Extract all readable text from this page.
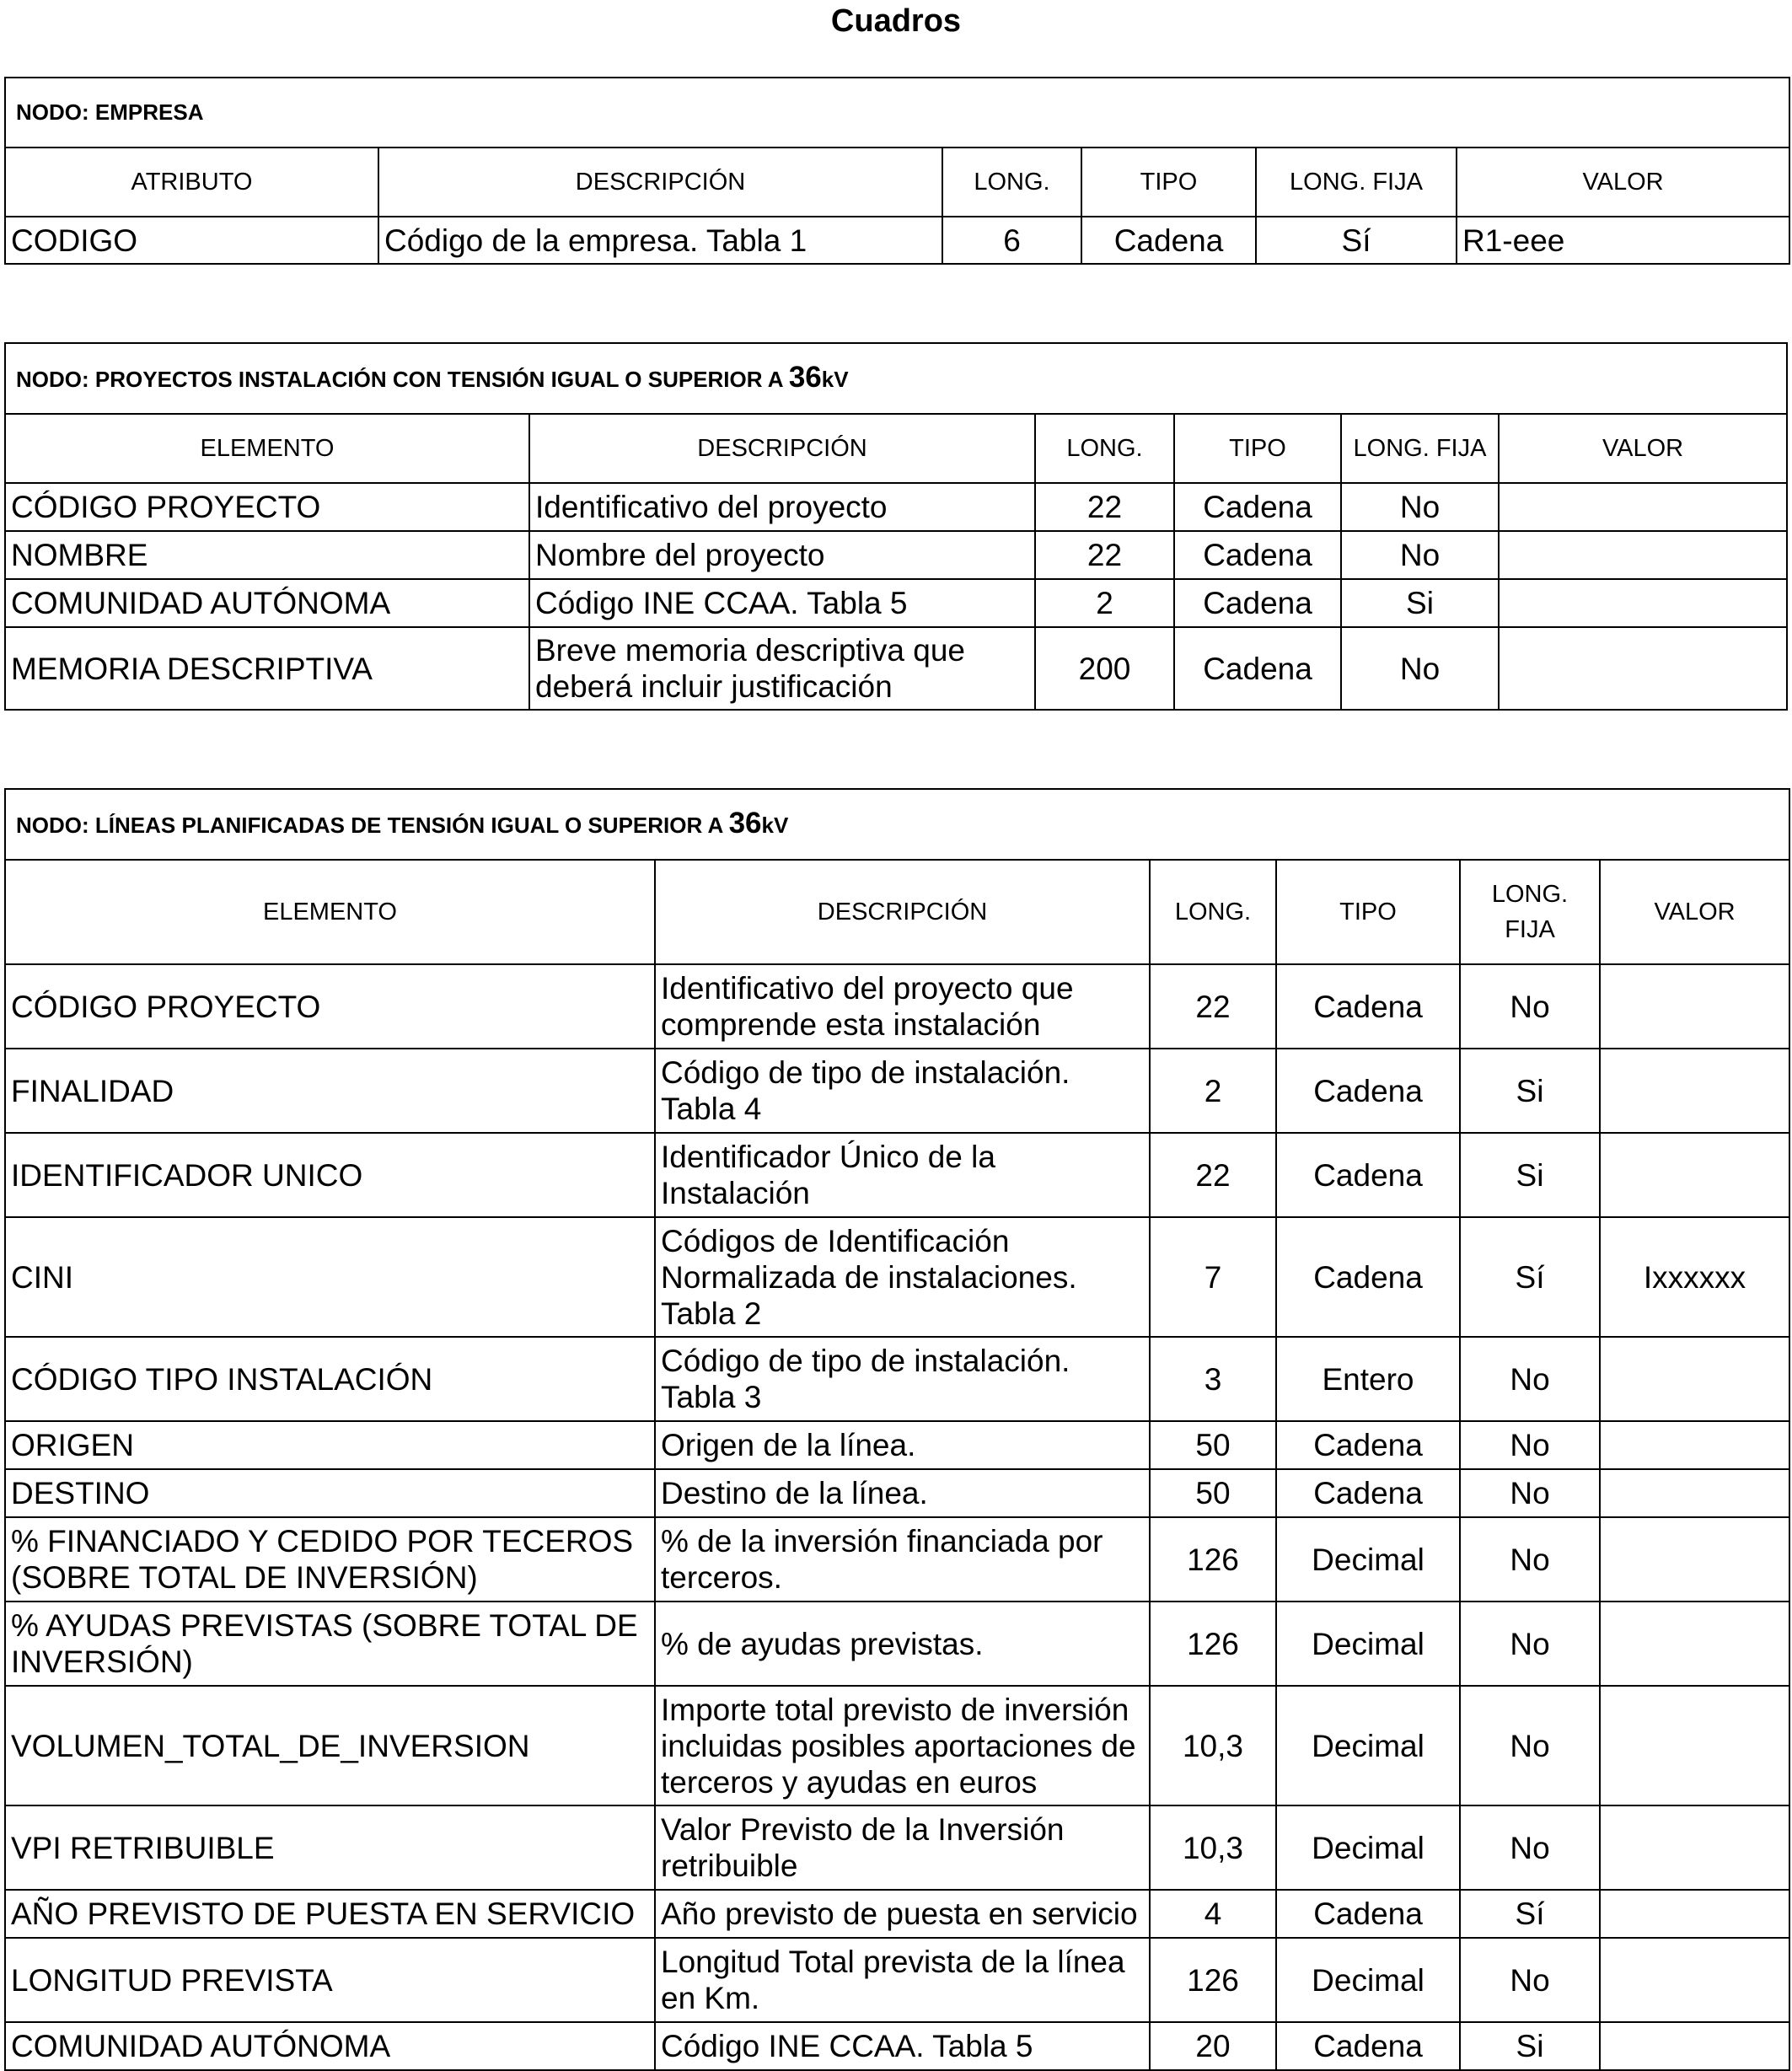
Cuadros
NODO: EMPRESA					
ATRIBUTO	DESCRIPCIÓN	LONG.	TIPO	LONG. FIJA	VALOR
CODIGO	Código de la empresa. Tabla 1	6	Cadena	Sí	R1-eee
NODO: PROYECTOS INSTALACIÓN CON TENSIÓN IGUAL O SUPERIOR A 36kV					
ELEMENTO	DESCRIPCIÓN	LONG.	TIPO	LONG. FIJA	VALOR
CÓDIGO PROYECTO	Identificativo del proyecto	22	Cadena	No	
NOMBRE	Nombre del proyecto	22	Cadena	No	
COMUNIDAD AUTÓNOMA	Código INE CCAA. Tabla 5	2	Cadena	Si	
MEMORIA DESCRIPTIVA	Breve memoria descriptiva que deberá incluir justificación	200	Cadena	No	
NODO: LÍNEAS PLANIFICADAS DE TENSIÓN IGUAL O SUPERIOR A 36kV					
ELEMENTO	DESCRIPCIÓN	LONG.	TIPO	LONG. FIJA	VALOR
CÓDIGO PROYECTO	Identificativo del proyecto que comprende esta instalación	22	Cadena	No	
FINALIDAD	Código de tipo de instalación. Tabla 4	2	Cadena	Si	
IDENTIFICADOR UNICO	Identificador Único de la Instalación	22	Cadena	Si	
CINI	Códigos de Identificación Normalizada de instalaciones. Tabla 2	7	Cadena	Sí	Ixxxxxx
CÓDIGO TIPO INSTALACIÓN	Código de tipo de instalación. Tabla 3	3	Entero	No	
ORIGEN	Origen de la línea.	50	Cadena	No	
DESTINO	Destino de la línea.	50	Cadena	No	
% FINANCIADO Y CEDIDO POR TECEROS (SOBRE TOTAL DE INVERSIÓN)	% de la inversión financiada por terceros.	126	Decimal	No	
% AYUDAS PREVISTAS (SOBRE TOTAL DE INVERSIÓN)	% de ayudas previstas.	126	Decimal	No	
VOLUMEN_TOTAL_DE_INVERSION	Importe total previsto de inversión incluidas posibles aportaciones de terceros y ayudas en euros	10,3	Decimal	No	
VPI RETRIBUIBLE	Valor Previsto de la Inversión retribuible	10,3	Decimal	No	
AÑO PREVISTO DE PUESTA EN SERVICIO	Año previsto de puesta en servicio	4	Cadena	Sí	
LONGITUD PREVISTA	Longitud Total prevista de la línea en Km.	126	Decimal	No	
COMUNIDAD AUTÓNOMA	Código INE CCAA. Tabla 5	20	Cadena	Si	
